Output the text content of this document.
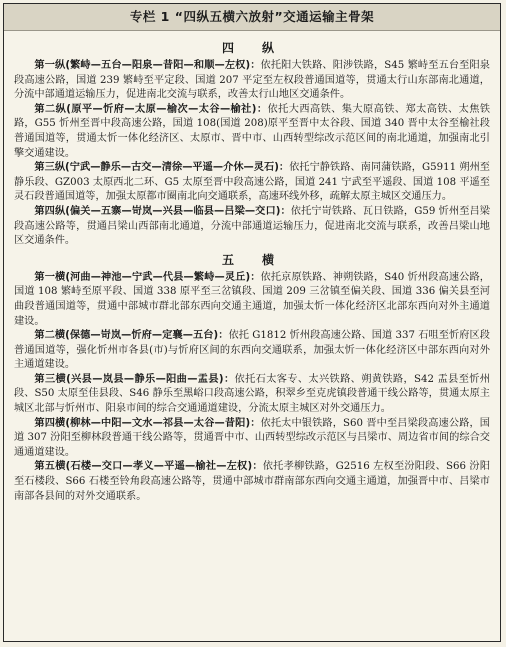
专栏 1 “四纵五横六放射”交通运输主骨架
四　纵

第一纵(繁峙—五台—阳泉—昔阳—和顺—左权)：依托阳大铁路、阳涉铁路，S45 繁峙至五台至阳泉段高速公路，国道 239 繁峙至平定段、国道 207 平定至左权段普通国道等，贯通太行山东部南北通道，分流中部通道运输压力，促进南北交流与联系，改善太行山地区交通条件。

第二纵(原平—忻府—太原—榆次—太谷—榆社)：依托大西高铁、集大原高铁、郑太高铁、太焦铁路，G55 忻州至晋中段高速公路，国道 108(国道 208)原平至晋中太谷段、国道 340 晋中太谷至榆社段普通国道等，贯通太忻一体化经济区、太原市、晋中市、山西转型综改示范区间的南北通道，加强南北引擎交通建设。

第三纵(宁武—静乐—古交—清徐—平遥—介休—灵石)：依托宁静铁路、南同蒲铁路，G5911 朔州至静乐段、GZ003 太原西北二环、G5 太原至晋中段高速公路，国道 241 宁武至平遥段、国道 108 平遥至灵石段普通国道等，加强太原都市圈南北向交通联系，高速环线外移，疏解太原主城区交通压力。

第四纵(偏关—五寨—岢岚—兴县—临县—吕梁—交口)：依托宁岢铁路、瓦日铁路，G59 忻州至吕梁段高速公路等，贯通吕梁山西部南北通道，分流中部通道运输压力，促进南北交流与联系，改善吕梁山地区交通条件。

五　横

第一横(河曲—神池—宁武—代县—繁峙—灵丘)：依托京原铁路、神朔铁路，S40 忻州段高速公路，国道 108 繁峙至原平段、国道 338 原平至三岔镇段、国道 209 三岔镇至偏关段、国道 336 偏关县至河曲段普通国道等，贯通中部城市群北部东西向交通主通道，加强太忻一体化经济区北部东西向对外主通道建设。

第二横(保德—岢岚—忻府—定襄—五台)：依托 G1812 忻州段高速公路、国道 337 石咀至忻府区段普通国道等，强化忻州市各县(市)与忻府区间的东西向交通联系，加强太忻一体化经济区中部东西向对外主通道建设。

第三横(兴县—岚县—静乐—阳曲—盂县)：依托石太客专、太兴铁路、朔黄铁路，S42 盂县至忻州段、S50 太原至佳县段、S46 静乐至黑峪口段高速公路，积翠乡至克虎镇段普通干线公路等，贯通太原主城区北部与忻州市、阳泉市间的综合交通通道建设，分流太原主城区对外交通压力。

第四横(柳林—中阳—文水—祁县—太谷—昔阳)：依托太中银铁路，S60 晋中至吕梁段高速公路，国道 307 汾阳至柳林段普通干线公路等，贯通晋中市、山西转型综改示范区与吕梁市、周边省市间的综合交通通道建设。

第五横(石楼—交口—孝义—平遥—榆社—左权)：依托孝柳铁路，G2516 左权至汾阳段、S66 汾阳至石楼段、S66 石楼至铃角段高速公路等，贯通中部城市群南部东西向交通主通道，加强晋中市、吕梁市南部各县间的对外交通联系。
